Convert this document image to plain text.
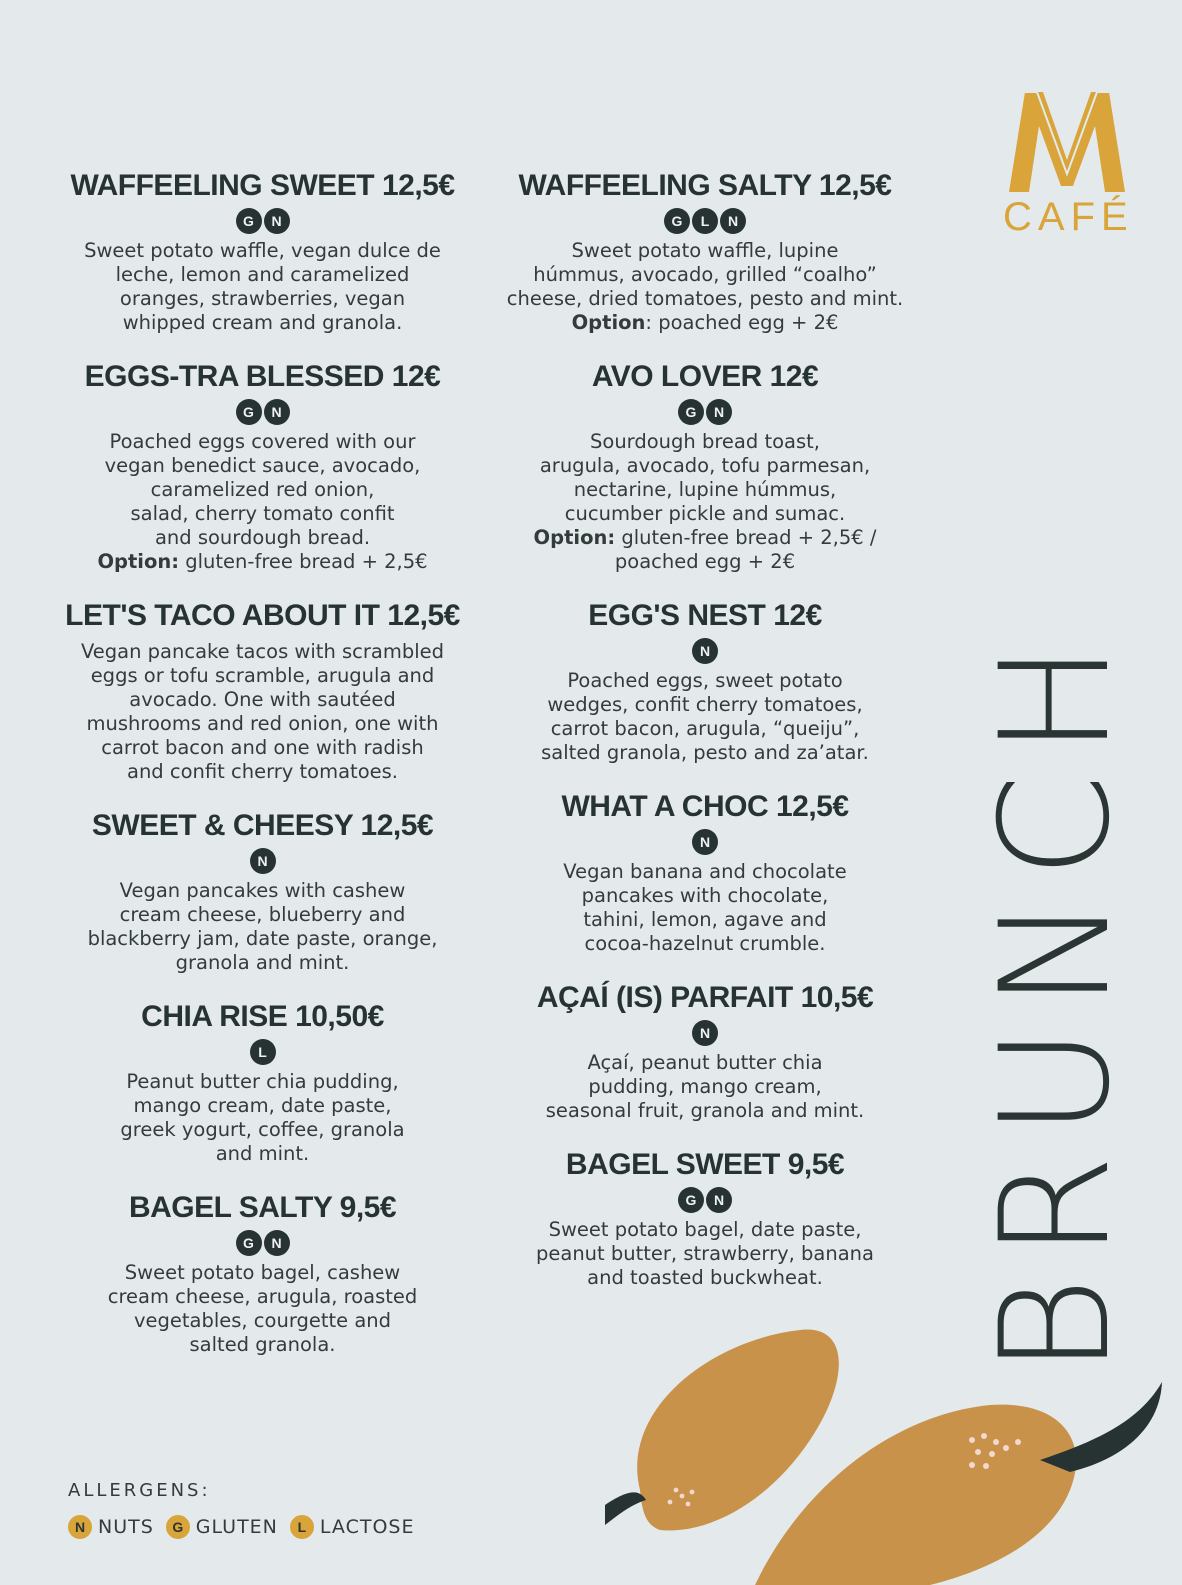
WAFFEELING SWEET 12,5€
G N

Sweet potato waffle, vegan dulce de

leche, lemon and caramelized

oranges, strawberries, vegan

whipped cream and granola.

EGGS-TRA BLESSED 12€
G N

Poached eggs covered with our

vegan benedict sauce, avocado,

caramelized red onion,

salad, cherry tomato confit

and sourdough bread.

Option: gluten-free bread + 2,5€

LET'S TACO ABOUT IT 12,5€

Vegan pancake tacos with scrambled

eggs or tofu scramble, arugula and

avocado. One with sautéed

mushrooms and red onion, one with

carrot bacon and one with radish

and confit cherry tomatoes.

SWEET & CHEESY 12,5€
N

Vegan pancakes with cashew

cream cheese, blueberry and

blackberry jam, date paste, orange,

granola and mint.

CHIA RISE 10,50€
L

Peanut butter chia pudding,

mango cream, date paste,

greek yogurt, coffee, granola

and mint.

BAGEL SALTY 9,5€
G N

Sweet potato bagel, cashew

cream cheese, arugula, roasted

vegetables, courgette and

salted granola.

WAFFEELING SALTY 12,5€
G L N

Sweet potato waffle, lupine

húmmus, avocado, grilled “coalho”

cheese, dried tomatoes, pesto and mint.

Option: poached egg + 2€

AVO LOVER 12€
G N

Sourdough bread toast,

arugula, avocado, tofu parmesan,

nectarine, lupine húmmus,

cucumber pickle and sumac.

Option: gluten-free bread + 2,5€ /

poached egg + 2€

EGG'S NEST 12€
N

Poached eggs, sweet potato

wedges, confit cherry tomatoes,

carrot bacon, arugula, “queiju”,

salted granola, pesto and za’atar.

WHAT A CHOC 12,5€
N

Vegan banana and chocolate

pancakes with chocolate,

tahini, lemon, agave and

cocoa-hazelnut crumble.

AÇAÍ (IS) PARFAIT 10,5€
N

Açaí, peanut butter chia

pudding, mango cream,

seasonal fruit, granola and mint.

BAGEL SWEET 9,5€
G N

Sweet potato bagel, date paste,

peanut butter, strawberry, banana

and toasted buckwheat.

CAFÉ
BRUNCH
ALLERGENS:
N NUTS	G GLUTEN	L LACTOSE
